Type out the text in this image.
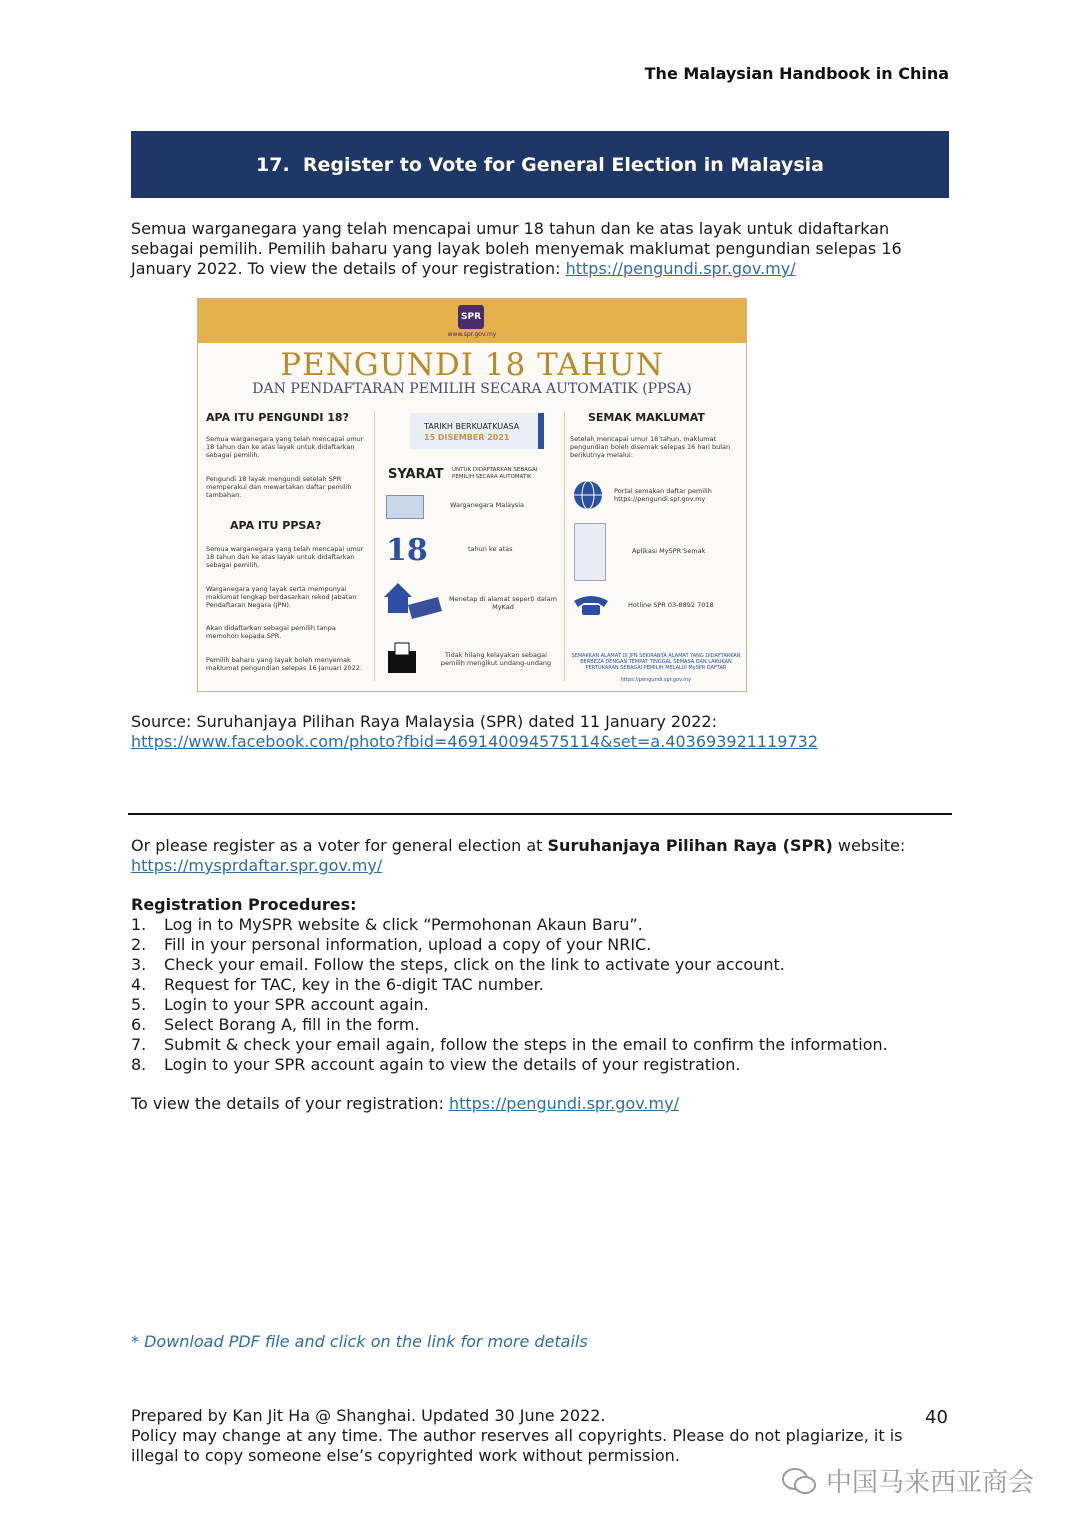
The Malaysian Handbook in China
17.  Register to Vote for General Election in Malaysia
Semua warganegara yang telah mencapai umur 18 tahun dan ke atas layak untuk didaftarkan sebagai pemilih. Pemilih baharu yang layak boleh menyemak maklumat pengundian selepas 16 January 2022. To view the details of your registration: https://pengundi.spr.gov.my/
SPR
www.spr.gov.my
PENGUNDI 18 TAHUN
DAN PENDAFTARAN PEMILIH SECARA AUTOMATIK (PPSA)
APA ITU PENGUNDI 18?
Semua warganegara yang telah mencapai umur 18 tahun dan ke atas layak untuk didaftarkan sebagai pemilih.
Pengundi 18 layak mengundi setelah SPR memperakui dan mewartakan daftar pemilih tambahan.
APA ITU PPSA?
Semua warganegara yang telah mencapai umur 18 tahun dan ke atas layak untuk didaftarkan sebagai pemilih.
Warganegara yang layak serta mempunyai maklumat lengkap berdasarkan rekod Jabatan Pendaftaran Negara (JPN).
Akan didaftarkan sebagai pemilih tanpa memohon kepada SPR.
Pemilih baharu yang layak boleh menyemak maklumat pengundian selepas 16 Januari 2022.
TARIKH BERKUATKUASA
15 DISEMBER 2021
SYARAT UNTUK DIDAFTARKAN SEBAGAI PEMILIH SECARA AUTOMATIK
Warganegara Malaysia
18	tahun ke atas
Menetap di alamat seperti dalam MyKad
Tidak hilang kelayakan sebagai pemilih mengikut undang-undang
SEMAK MAKLUMAT
Setelah mencapai umur 18 tahun, maklumat pengundian boleh disemak selepas 16 hari bulan berikutnya melalui:
Portal semakan daftar pemilih https://pengundi.spr.gov.my
Aplikasi MySPR Semak
Hotline SPR 03-8892 7018
SEMAKKAN ALAMAT DI JPN SEKIRANYA ALAMAT YANG DIDAFTARKAN BERBEZA DENGAN TEMPAT TINGGAL SEMASA DAN LAKUKAN PERTUKARAN SEBAGAI PEMILIH MELALUI MySPR DAFTAR
https://pengundi.spr.gov.my
Source: Suruhanjaya Pilihan Raya Malaysia (SPR) dated 11 January 2022:
https://www.facebook.com/photo?fbid=469140094575114&set=a.403693921119732
Or please register as a voter for general election at Suruhanjaya Pilihan Raya (SPR) website:
https://mysprdaftar.spr.gov.my/
Registration Procedures:
1.	Log in to MySPR website & click “Permohonan Akaun Baru”.
2.	Fill in your personal information, upload a copy of your NRIC.
3.	Check your email. Follow the steps, click on the link to activate your account.
4.	Request for TAC, key in the 6-digit TAC number.
5.	Login to your SPR account again.
6.	Select Borang A, fill in the form.
7.	Submit & check your email again, follow the steps in the email to confirm the information.
8.	Login to your SPR account again to view the details of your registration.
To view the details of your registration: https://pengundi.spr.gov.my/
* Download PDF file and click on the link for more details
Prepared by Kan Jit Ha @ Shanghai. Updated 30 June 2022.
Policy may change at any time. The author reserves all copyrights. Please do not plagiarize, it is illegal to copy someone else’s copyrighted work without permission.
40
中国马来西亚商会
